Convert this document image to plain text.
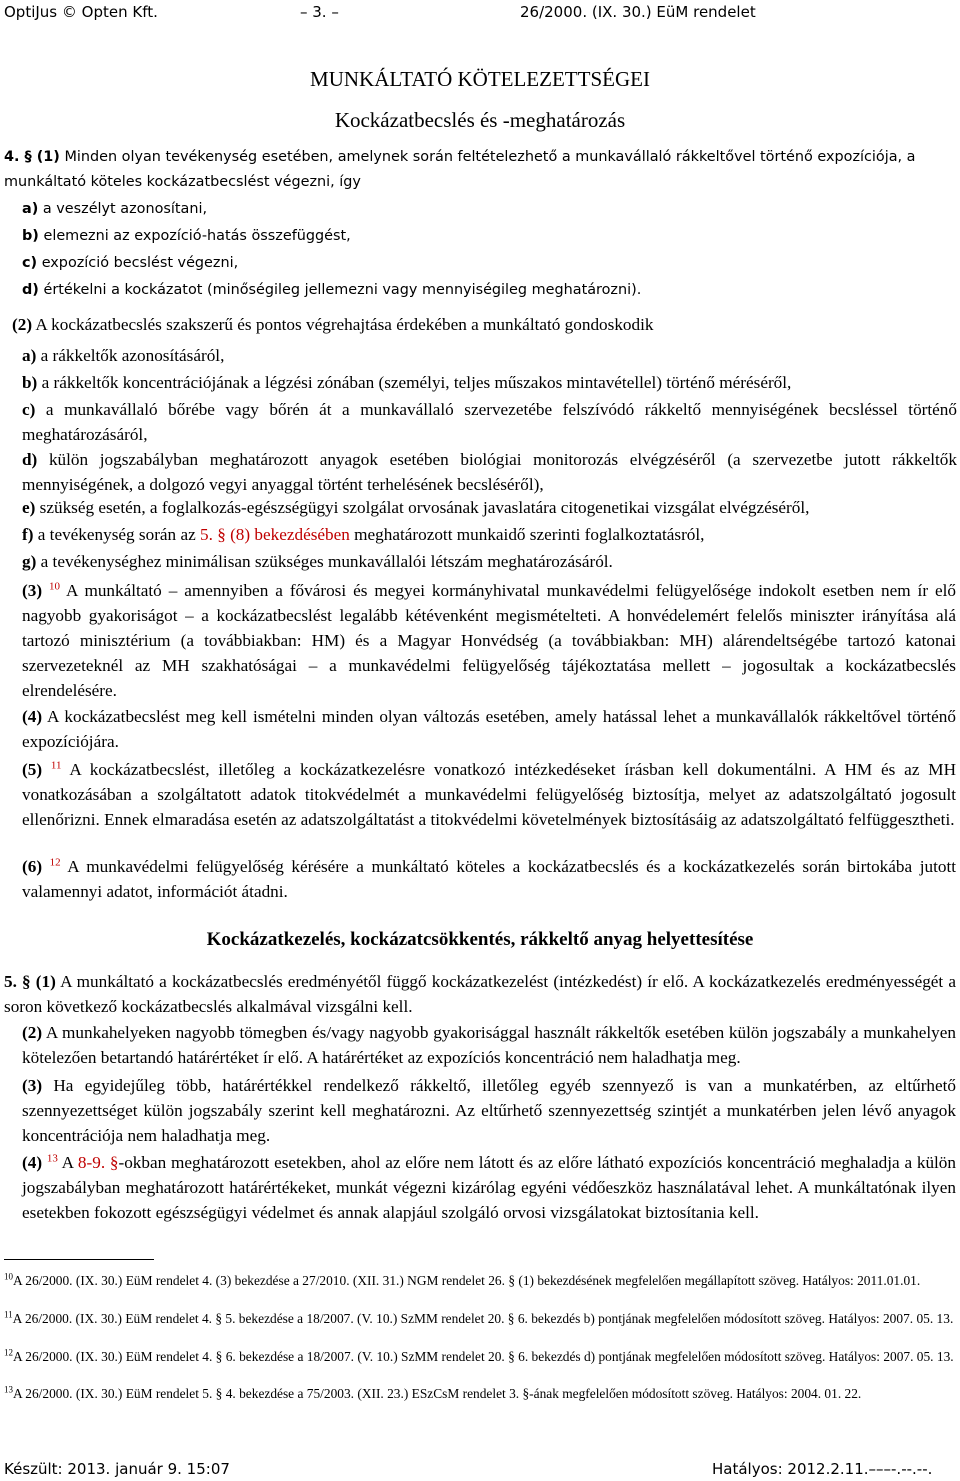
OptiJus © Opten Kft.	– 3. –	26/2000. (IX. 30.) EüM rendelet
MUNKÁLTATÓ KÖTELEZETTSÉGEI
Kockázatbecslés és -meghatározás
4. § (1) Minden olyan tevékenység esetében, amelynek során feltételezhető a munkavállaló rákkeltővel történő expozíciója, a munkáltató köteles kockázatbecslést végezni, így
a) a veszélyt azonosítani,
b) elemezni az expozíció-hatás összefüggést,
c) expozíció becslést végezni,
d) értékelni a kockázatot (minőségileg jellemezni vagy mennyiségileg meghatározni).
(2) A kockázatbecslés szakszerű és pontos végrehajtása érdekében a munkáltató gondoskodik
a) a rákkeltők azonosításáról,
b) a rákkeltők koncentrációjának a légzési zónában (személyi, teljes műszakos mintavétellel) történő méréséről,
c) a munkavállaló bőrébe vagy bőrén át a munkavállaló szervezetébe felszívódó rákkeltő mennyiségének becsléssel történő meghatározásáról,
d) külön jogszabályban meghatározott anyagok esetében biológiai monitorozás elvégzéséről (a szervezetbe jutott rákkeltők mennyiségének, a dolgozó vegyi anyaggal történt terhelésének becsléséről),
e) szükség esetén, a foglalkozás-egészségügyi szolgálat orvosának javaslatára citogenetikai vizsgálat elvégzéséről,
f) a tevékenység során az 5. § (8) bekezdésében meghatározott munkaidő szerinti foglalkoztatásról,
g) a tevékenységhez minimálisan szükséges munkavállalói létszám meghatározásáról.
(3) $^{10}$ A munkáltató – amennyiben a fővárosi és megyei kormányhivatal munkavédelmi felügyelősége indokolt esetben nem ír elő nagyobb gyakoriságot – a kockázatbecslést legalább kétévenként megismételteti. A honvédelemért felelős miniszter irányítása alá tartozó minisztérium (a továbbiakban: HM) és a Magyar Honvédség (a továbbiakban: MH) alárendeltségébe tartozó katonai szervezeteknél az MH szakhatóságai – a munkavédelmi felügyelőség tájékoztatása mellett – jogosultak a kockázatbecslés elrendelésére.
(4) A kockázatbecslést meg kell ismételni minden olyan változás esetében, amely hatással lehet a munkavállalók rákkeltővel történő expozíciójára.
(5) $^{11}$ A kockázatbecslést, illetőleg a kockázatkezelésre vonatkozó intézkedéseket írásban kell dokumentálni. A HM és az MH vonatkozásában a szolgáltatott adatok titokvédelmét a munkavédelmi felügyelőség biztosítja, melyet az adatszolgáltató jogosult ellenőrizni. Ennek elmaradása esetén az adatszolgáltatást a titokvédelmi követelmények biztosításáig az adatszolgáltató felfüggesztheti.
(6) $^{12}$ A munkavédelmi felügyelőség kérésére a munkáltató köteles a kockázatbecslés és a kockázatkezelés során birtokába jutott valamennyi adatot, információt átadni.
Kockázatkezelés, kockázatcsökkentés, rákkeltő anyag helyettesítése
5. § (1) A munkáltató a kockázatbecslés eredményétől függő kockázatkezelést (intézkedést) ír elő. A kockázatkezelés eredményességét a soron következő kockázatbecslés alkalmával vizsgálni kell.
(2) A munkahelyeken nagyobb tömegben és/vagy nagyobb gyakorisággal használt rákkeltők esetében külön jogszabály a munkahelyen kötelezően betartandó határértéket ír elő. A határértéket az expozíciós koncentráció nem haladhatja meg.
(3) Ha egyidejűleg több, határértékkel rendelkező rákkeltő, illetőleg egyéb szennyező is van a munkatérben, az eltűrhető szennyezettséget külön jogszabály szerint kell meghatározni. Az eltűrhető szennyezettség szintjét a munkatérben jelen lévő anyagok koncentrációja nem haladhatja meg.
(4) $^{13}$ A 8-9. §-okban meghatározott esetekben, ahol az előre nem látott és az előre látható expozíciós koncentráció meghaladja a külön jogszabályban meghatározott határértékeket, munkát végezni kizárólag egyéni védőeszköz használatával lehet. A munkáltatónak ilyen esetekben fokozott egészségügyi védelmet és annak alapjául szolgáló orvosi vizsgálatokat biztosítania kell.
$^{10}$A 26/2000. (IX. 30.) EüM rendelet 4. (3) bekezdése a 27/2010. (XII. 31.) NGM rendelet 26. § (1) bekezdésének megfelelően megállapított szöveg. Hatályos: 2011.01.01.
$^{11}$A 26/2000. (IX. 30.) EüM rendelet 4. § 5. bekezdése a 18/2007. (V. 10.) SzMM rendelet 20. § 6. bekezdés b) pontjának megfelelően módosított szöveg. Hatályos: 2007. 05. 13.
$^{12}$A 26/2000. (IX. 30.) EüM rendelet 4. § 6. bekezdése a 18/2007. (V. 10.) SzMM rendelet 20. § 6. bekezdés d) pontjának megfelelően módosított szöveg. Hatályos: 2007. 05. 13.
$^{13}$A 26/2000. (IX. 30.) EüM rendelet 5. § 4. bekezdése a 75/2003. (XII. 23.) ESzCsM rendelet 3. §-ának megfelelően módosított szöveg. Hatályos: 2004. 01. 22.
Készült: 2013. január 9. 15:07	Hatályos: 2012.2.11.–––-.--.--.
